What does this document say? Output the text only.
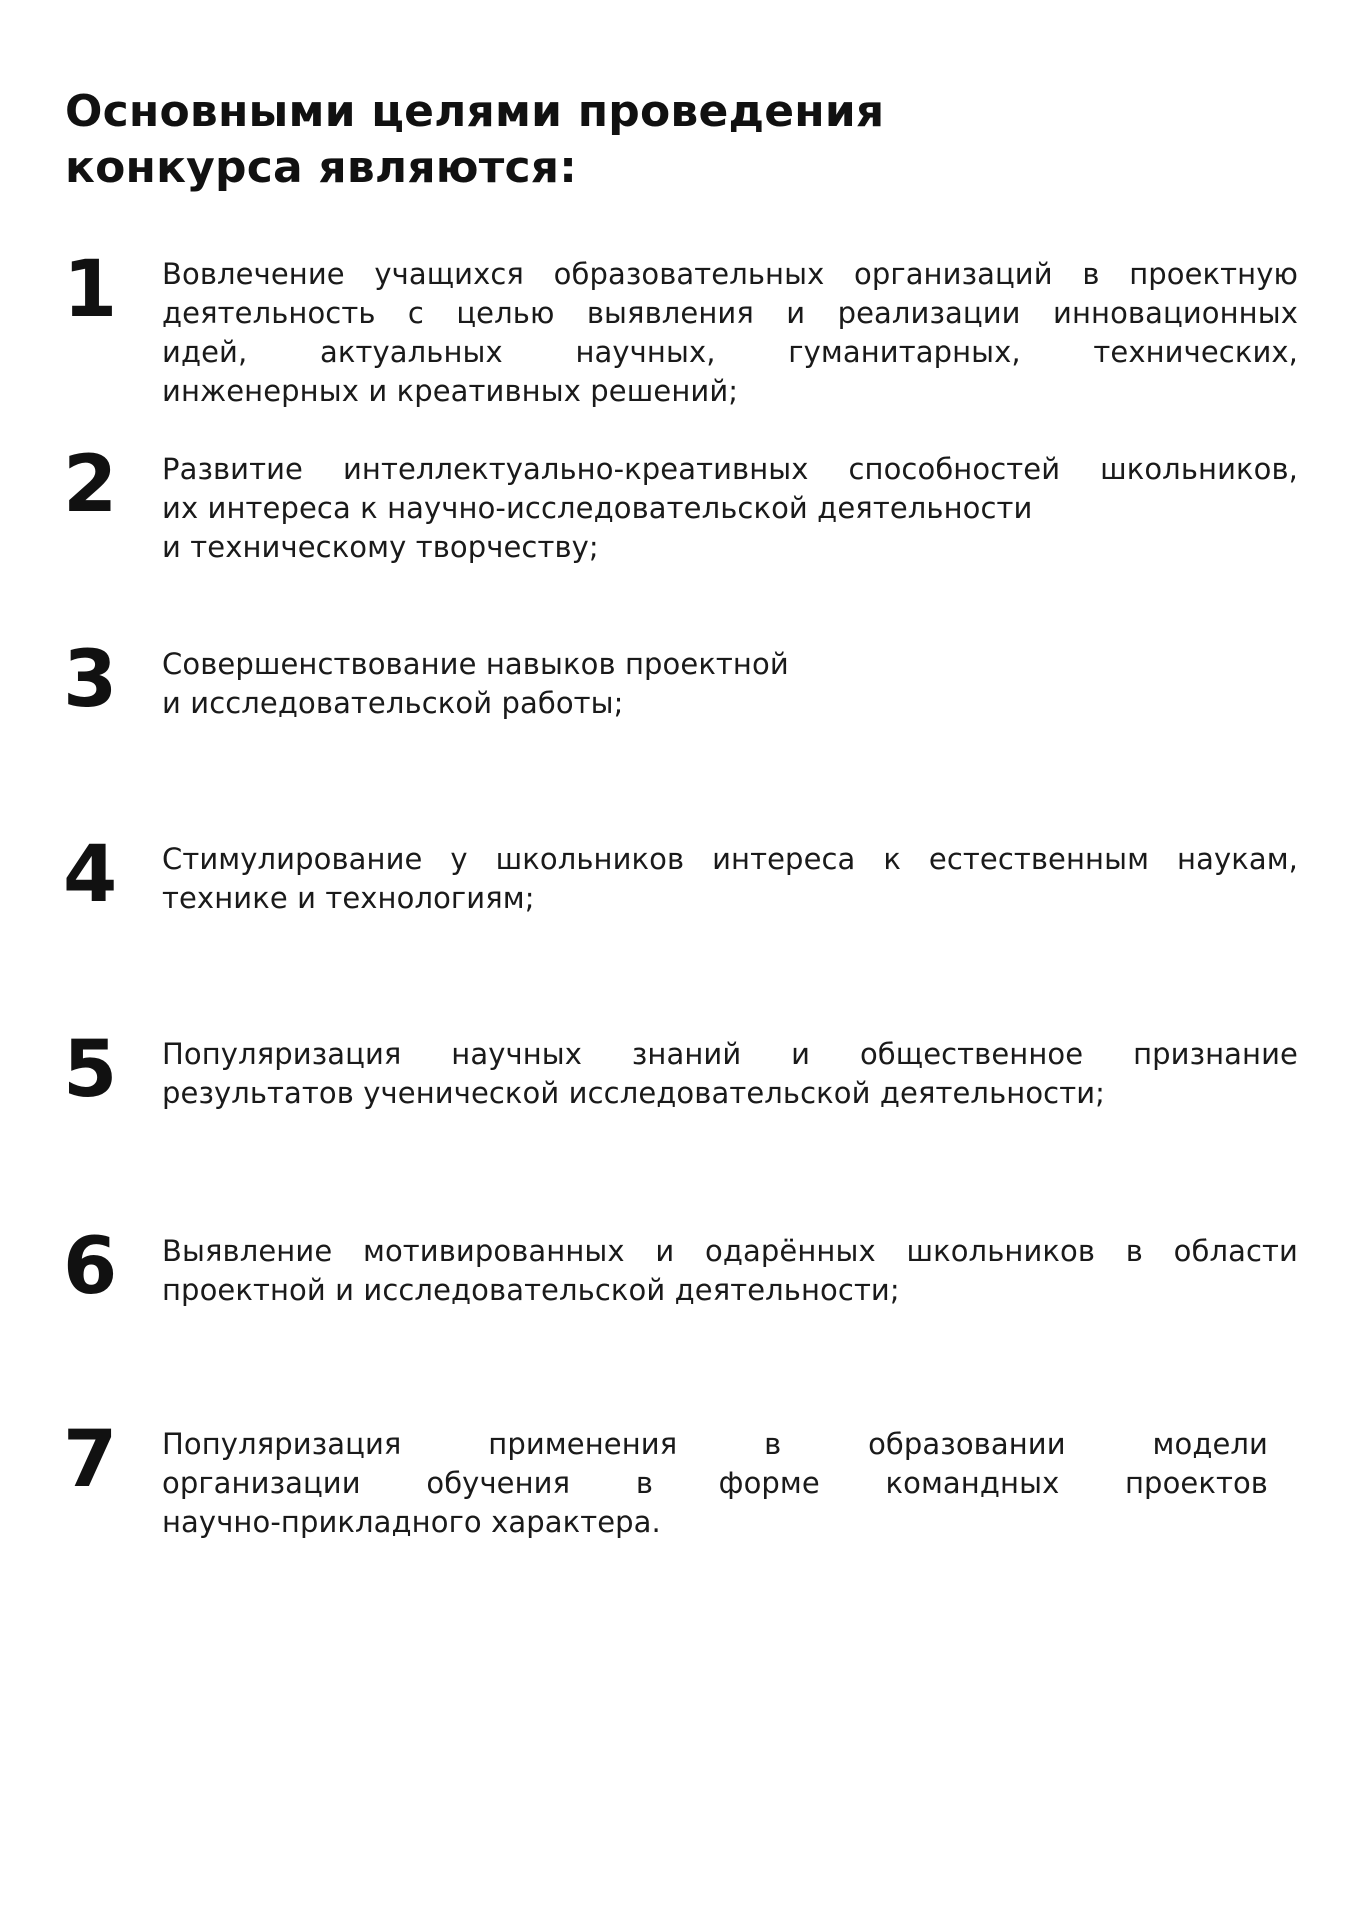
Основными целями проведения
конкурса являются:
1 Вовлечение учащихся образовательных организаций в проектную
деятельность с целью выявления и реализации инновационных
идей, актуальных научных, гуманитарных, технических,
инженерных и креативных решений;
2 Развитие интеллектуально-креативных способностей школьников,
их интереса к научно-исследовательской деятельности
и техническому творчеству;
3 Совершенствование навыков проектной
и исследовательской работы;
4 Стимулирование у школьников интереса к естественным наукам,
технике и технологиям;
5 Популяризация научных знаний и общественное признание
результатов ученической исследовательской деятельности;
6 Выявление мотивированных и одарённых школьников в области
проектной и исследовательской деятельности;
7 Популяризация применения в образовании модели
организации обучения в форме командных проектов
научно-прикладного характера.
